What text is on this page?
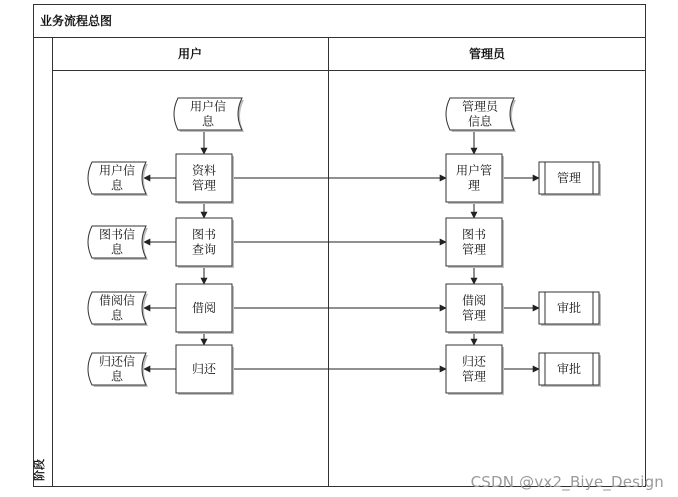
业务流程总图
阶段
用户	管理员
用户信
息
管理员
信息
资料
管理
用户信
息
图书
查询
图书信
息
借阅
借阅信
息
归还
归还信
息
用户管
理
管理
图书
管理
借阅
管理
审批
归还
管理
审批
CSDN @vx2_Biye_Design
